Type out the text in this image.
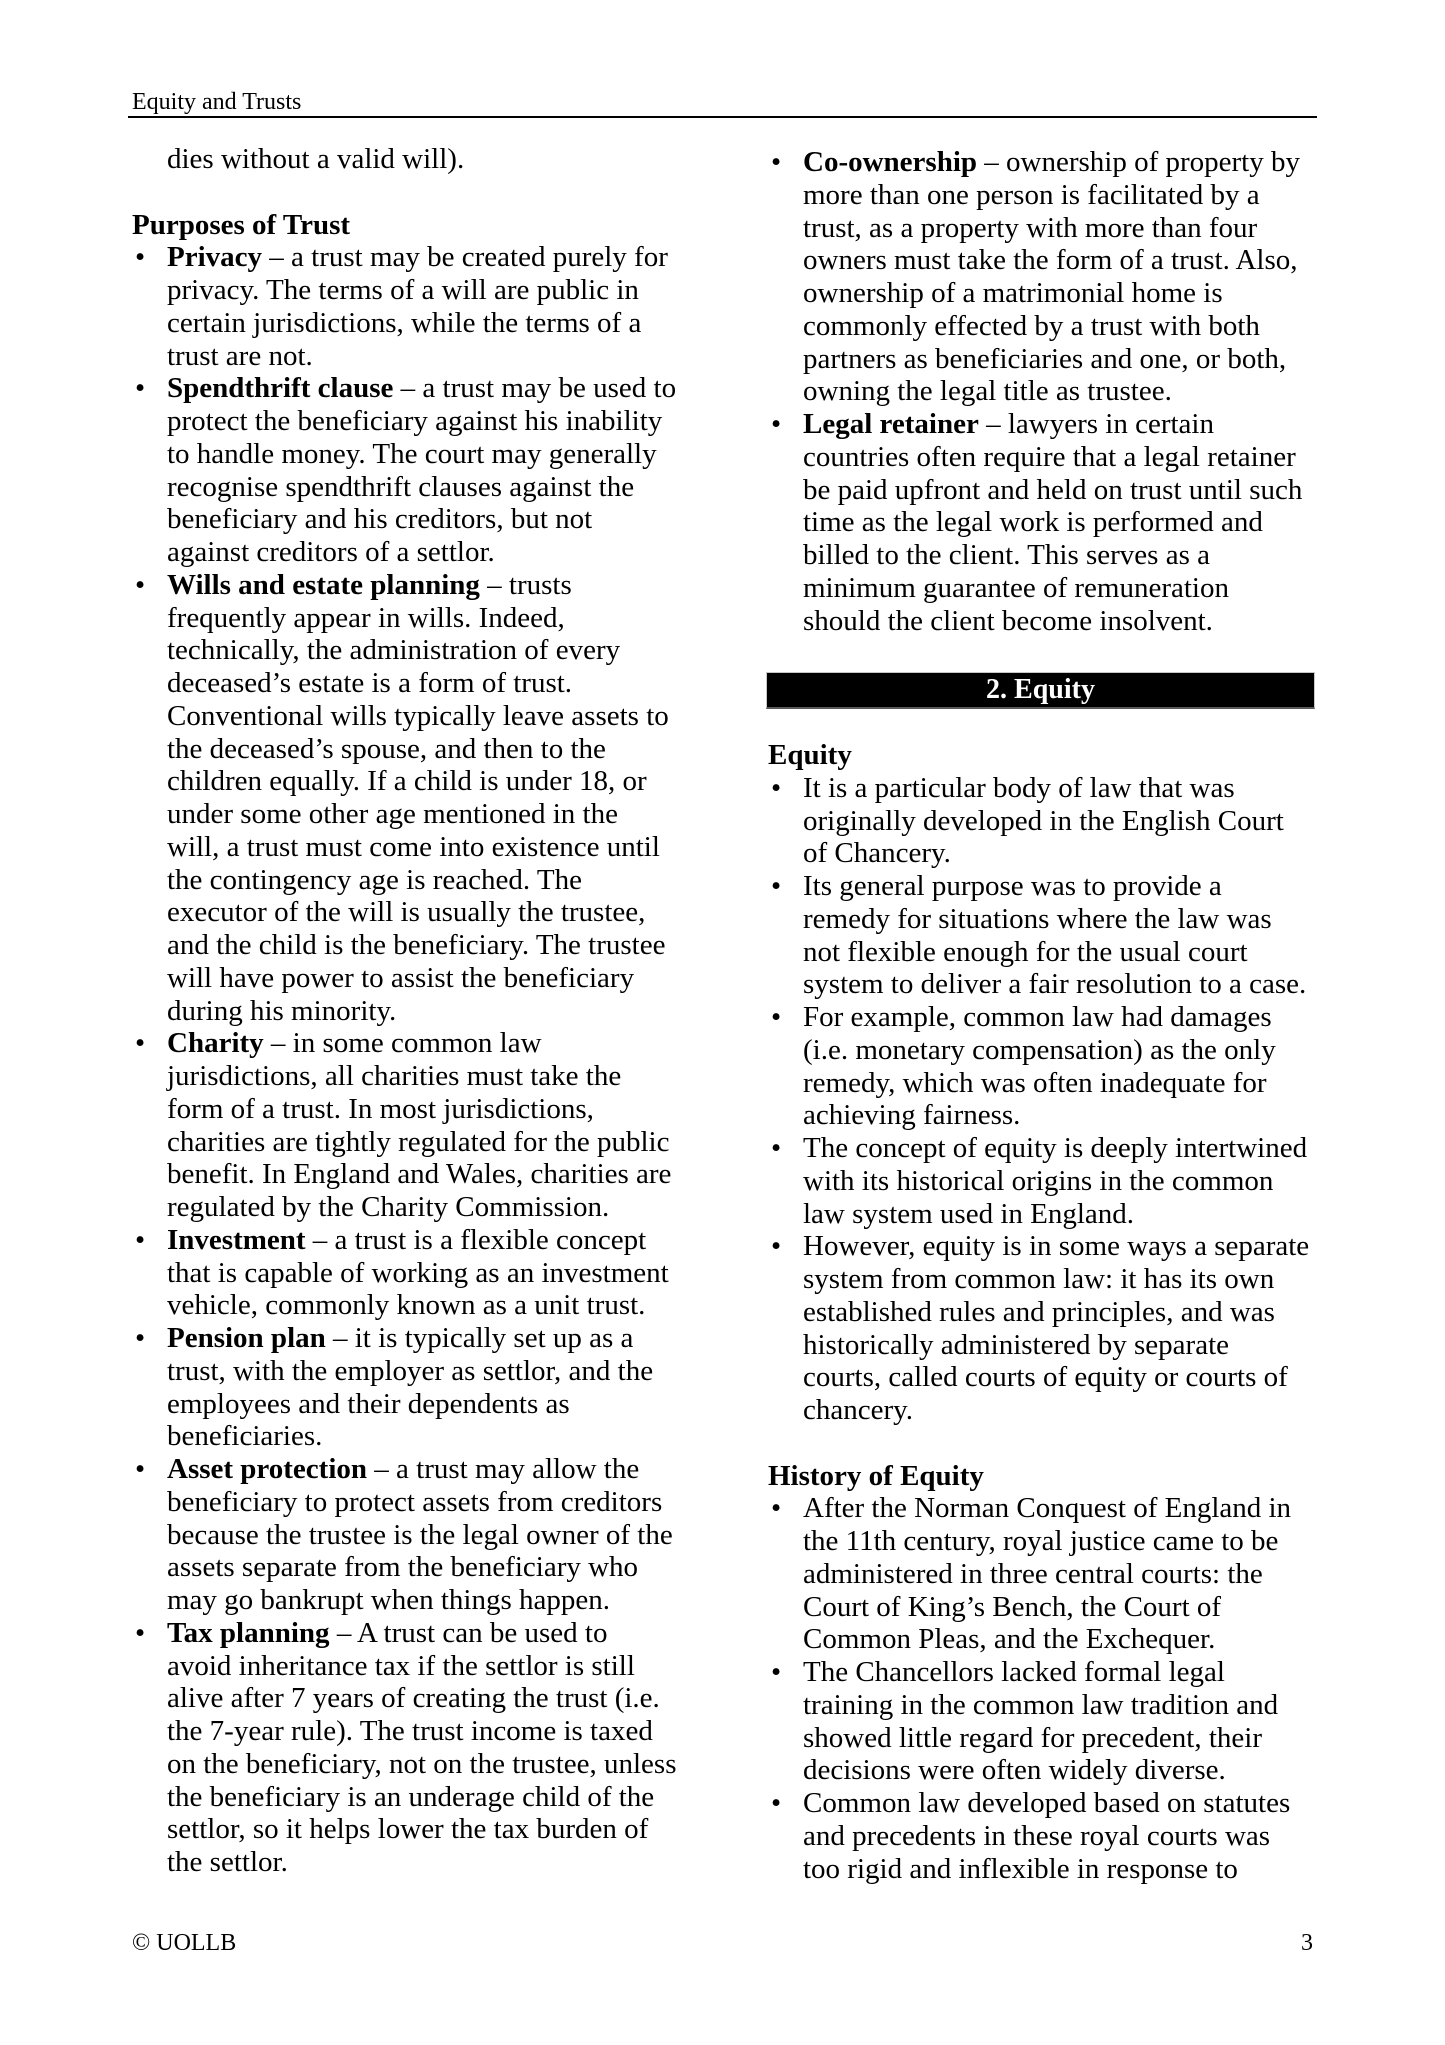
Equity and Trusts
dies without a valid will).
Purposes of Trust
• Privacy – a trust may be created purely for
privacy. The terms of a will are public in
certain jurisdictions, while the terms of a
trust are not.
• Spendthrift clause – a trust may be used to
protect the beneficiary against his inability
to handle money. The court may generally
recognise spendthrift clauses against the
beneficiary and his creditors, but not
against creditors of a settlor.
• Wills and estate planning – trusts
frequently appear in wills. Indeed,
technically, the administration of every
deceased’s estate is a form of trust.
Conventional wills typically leave assets to
the deceased’s spouse, and then to the
children equally. If a child is under 18, or
under some other age mentioned in the
will, a trust must come into existence until
the contingency age is reached. The
executor of the will is usually the trustee,
and the child is the beneficiary. The trustee
will have power to assist the beneficiary
during his minority.
• Charity – in some common law
jurisdictions, all charities must take the
form of a trust. In most jurisdictions,
charities are tightly regulated for the public
benefit. In England and Wales, charities are
regulated by the Charity Commission.
• Investment – a trust is a flexible concept
that is capable of working as an investment
vehicle, commonly known as a unit trust.
• Pension plan – it is typically set up as a
trust, with the employer as settlor, and the
employees and their dependents as
beneficiaries.
• Asset protection – a trust may allow the
beneficiary to protect assets from creditors
because the trustee is the legal owner of the
assets separate from the beneficiary who
may go bankrupt when things happen.
• Tax planning – A trust can be used to
avoid inheritance tax if the settlor is still
alive after 7 years of creating the trust (i.e.
the 7-year rule). The trust income is taxed
on the beneficiary, not on the trustee, unless
the beneficiary is an underage child of the
settlor, so it helps lower the tax burden of
the settlor.
• Co-ownership – ownership of property by
more than one person is facilitated by a
trust, as a property with more than four
owners must take the form of a trust. Also,
ownership of a matrimonial home is
commonly effected by a trust with both
partners as beneficiaries and one, or both,
owning the legal title as trustee.
• Legal retainer – lawyers in certain
countries often require that a legal retainer
be paid upfront and held on trust until such
time as the legal work is performed and
billed to the client. This serves as a
minimum guarantee of remuneration
should the client become insolvent.
2. Equity
Equity
• It is a particular body of law that was
originally developed in the English Court
of Chancery.
• Its general purpose was to provide a
remedy for situations where the law was
not flexible enough for the usual court
system to deliver a fair resolution to a case.
• For example, common law had damages
(i.e. monetary compensation) as the only
remedy, which was often inadequate for
achieving fairness.
• The concept of equity is deeply intertwined
with its historical origins in the common
law system used in England.
• However, equity is in some ways a separate
system from common law: it has its own
established rules and principles, and was
historically administered by separate
courts, called courts of equity or courts of
chancery.
History of Equity
• After the Norman Conquest of England in
the 11th century, royal justice came to be
administered in three central courts: the
Court of King’s Bench, the Court of
Common Pleas, and the Exchequer.
• The Chancellors lacked formal legal
training in the common law tradition and
showed little regard for precedent, their
decisions were often widely diverse.
• Common law developed based on statutes
and precedents in these royal courts was
too rigid and inflexible in response to
© UOLLB	3
